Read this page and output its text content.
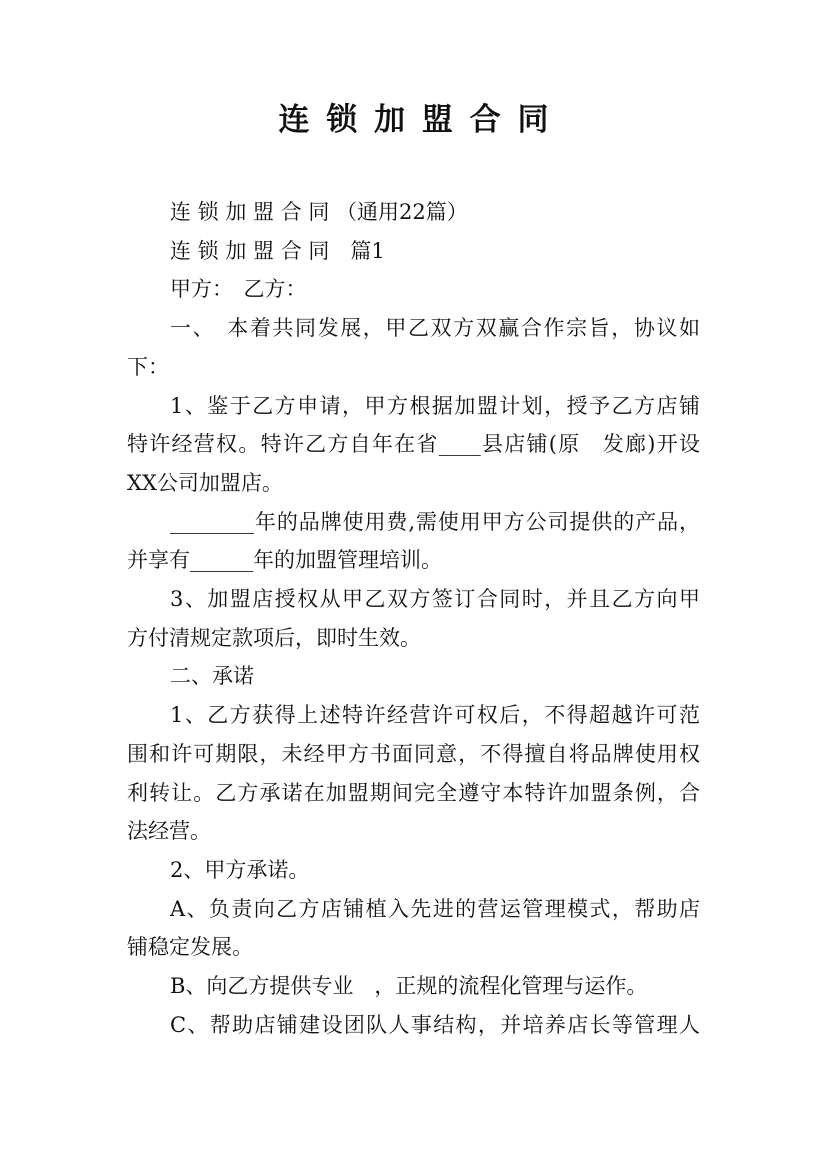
连 锁 加 盟 合 同
连 锁 加 盟 合 同 （通用22篇）
连 锁 加 盟 合 同　篇1
甲方：　乙方：
一、　本着共同发展，甲乙双方双赢合作宗旨，协议如
下：
1、鉴于乙方申请，甲方根据加盟计划，授予乙方店铺
特许经营权。特许乙方自年在省____县店铺(原　发廊)开设
XX公司加盟店。
________年的品牌使用费,需使用甲方公司提供的产品，
并享有______年的加盟管理培训。
3、加盟店授权从甲乙双方签订合同时，并且乙方向甲
方付清规定款项后，即时生效。
二、承诺
1、乙方获得上述特许经营许可权后，不得超越许可范
围和许可期限，未经甲方书面同意，不得擅自将品牌使用权
利转让。乙方承诺在加盟期间完全遵守本特许加盟条例，合
法经营。
2、甲方承诺。
A、负责向乙方店铺植入先进的营运管理模式，帮助店
铺稳定发展。
B、向乙方提供专业　，正规的流程化管理与运作。
C、帮助店铺建设团队人事结构，并培养店长等管理人
